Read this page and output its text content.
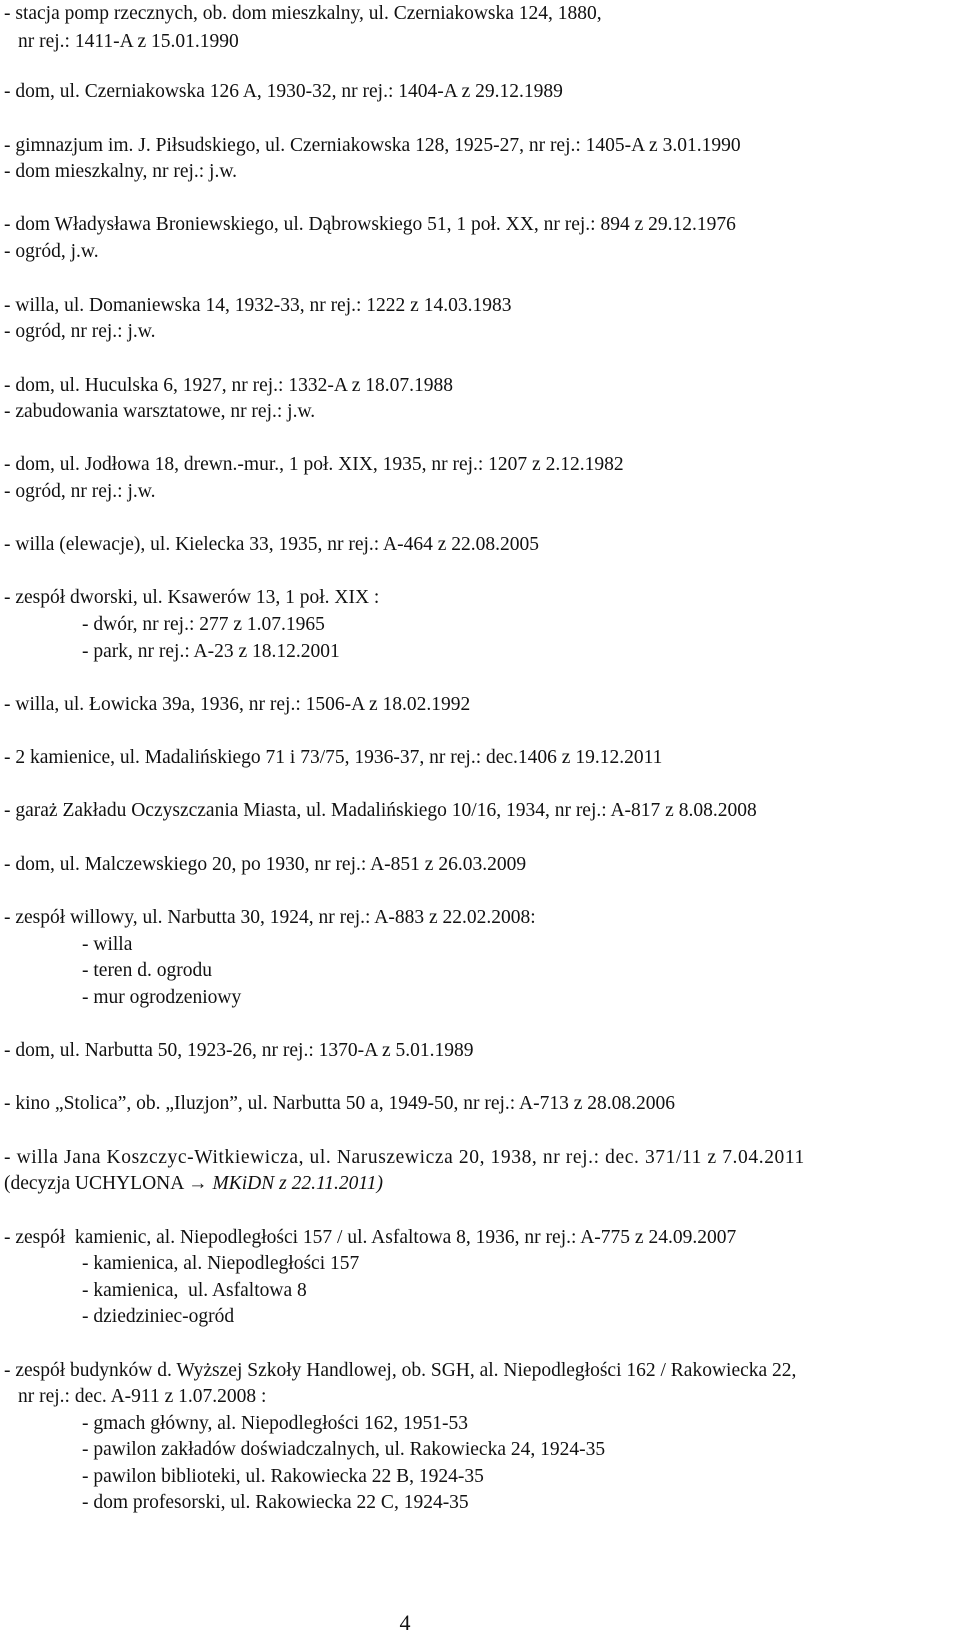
- stacja pomp rzecznych, ob. dom mieszkalny, ul. Czerniakowska 124, 1880,
nr rej.: 1411-A z 15.01.1990
- dom, ul. Czerniakowska 126 A, 1930-32, nr rej.: 1404-A z 29.12.1989
- gimnazjum im. J. Piłsudskiego, ul. Czerniakowska 128, 1925-27, nr rej.: 1405-A z 3.01.1990
- dom mieszkalny, nr rej.: j.w.
- dom Władysława Broniewskiego, ul. Dąbrowskiego 51, 1 poł. XX, nr rej.: 894 z 29.12.1976
- ogród, j.w.
- willa, ul. Domaniewska 14, 1932-33, nr rej.: 1222 z 14.03.1983
- ogród, nr rej.: j.w.
- dom, ul. Huculska 6, 1927, nr rej.: 1332-A z 18.07.1988
- zabudowania warsztatowe, nr rej.: j.w.
- dom, ul. Jodłowa 18, drewn.-mur., 1 poł. XIX, 1935, nr rej.: 1207 z 2.12.1982
- ogród, nr rej.: j.w.
- willa (elewacje), ul. Kielecka 33, 1935, nr rej.: A-464 z 22.08.2005
- zespół dworski, ul. Ksawerów 13, 1 poł. XIX :
- dwór, nr rej.: 277 z 1.07.1965
- park, nr rej.: A-23 z 18.12.2001
- willa, ul. Łowicka 39a, 1936, nr rej.: 1506-A z 18.02.1992
- 2 kamienice, ul. Madalińskiego 71 i 73/75, 1936-37, nr rej.: dec.1406 z 19.12.2011
- garaż Zakładu Oczyszczania Miasta, ul. Madalińskiego 10/16, 1934, nr rej.: A-817 z 8.08.2008
- dom, ul. Malczewskiego 20, po 1930, nr rej.: A-851 z 26.03.2009
- zespół willowy, ul. Narbutta 30, 1924, nr rej.: A-883 z 22.02.2008:
- willa
- teren d. ogrodu
- mur ogrodzeniowy
- dom, ul. Narbutta 50, 1923-26, nr rej.: 1370-A z 5.01.1989
- kino „Stolica”, ob. „Iluzjon”, ul. Narbutta 50 a, 1949-50, nr rej.: A-713 z 28.08.2006
- willa Jana Koszczyc-Witkiewicza, ul. Naruszewicza 20, 1938, nr rej.: dec. 371/11 z 7.04.2011
(decyzja UCHYLONA → MKiDN z 22.11.2011)
- zespół  kamienic, al. Niepodległości 157 / ul. Asfaltowa 8, 1936, nr rej.: A-775 z 24.09.2007
- kamienica, al. Niepodległości 157
- kamienica,  ul. Asfaltowa 8
- dziedziniec-ogród
- zespół budynków d. Wyższej Szkoły Handlowej, ob. SGH, al. Niepodległości 162 / Rakowiecka 22,
nr rej.: dec. A-911 z 1.07.2008 :
- gmach główny, al. Niepodległości 162, 1951-53
- pawilon zakładów doświadczalnych, ul. Rakowiecka 24, 1924-35
- pawilon biblioteki, ul. Rakowiecka 22 B, 1924-35
- dom profesorski, ul. Rakowiecka 22 C, 1924-35
4
